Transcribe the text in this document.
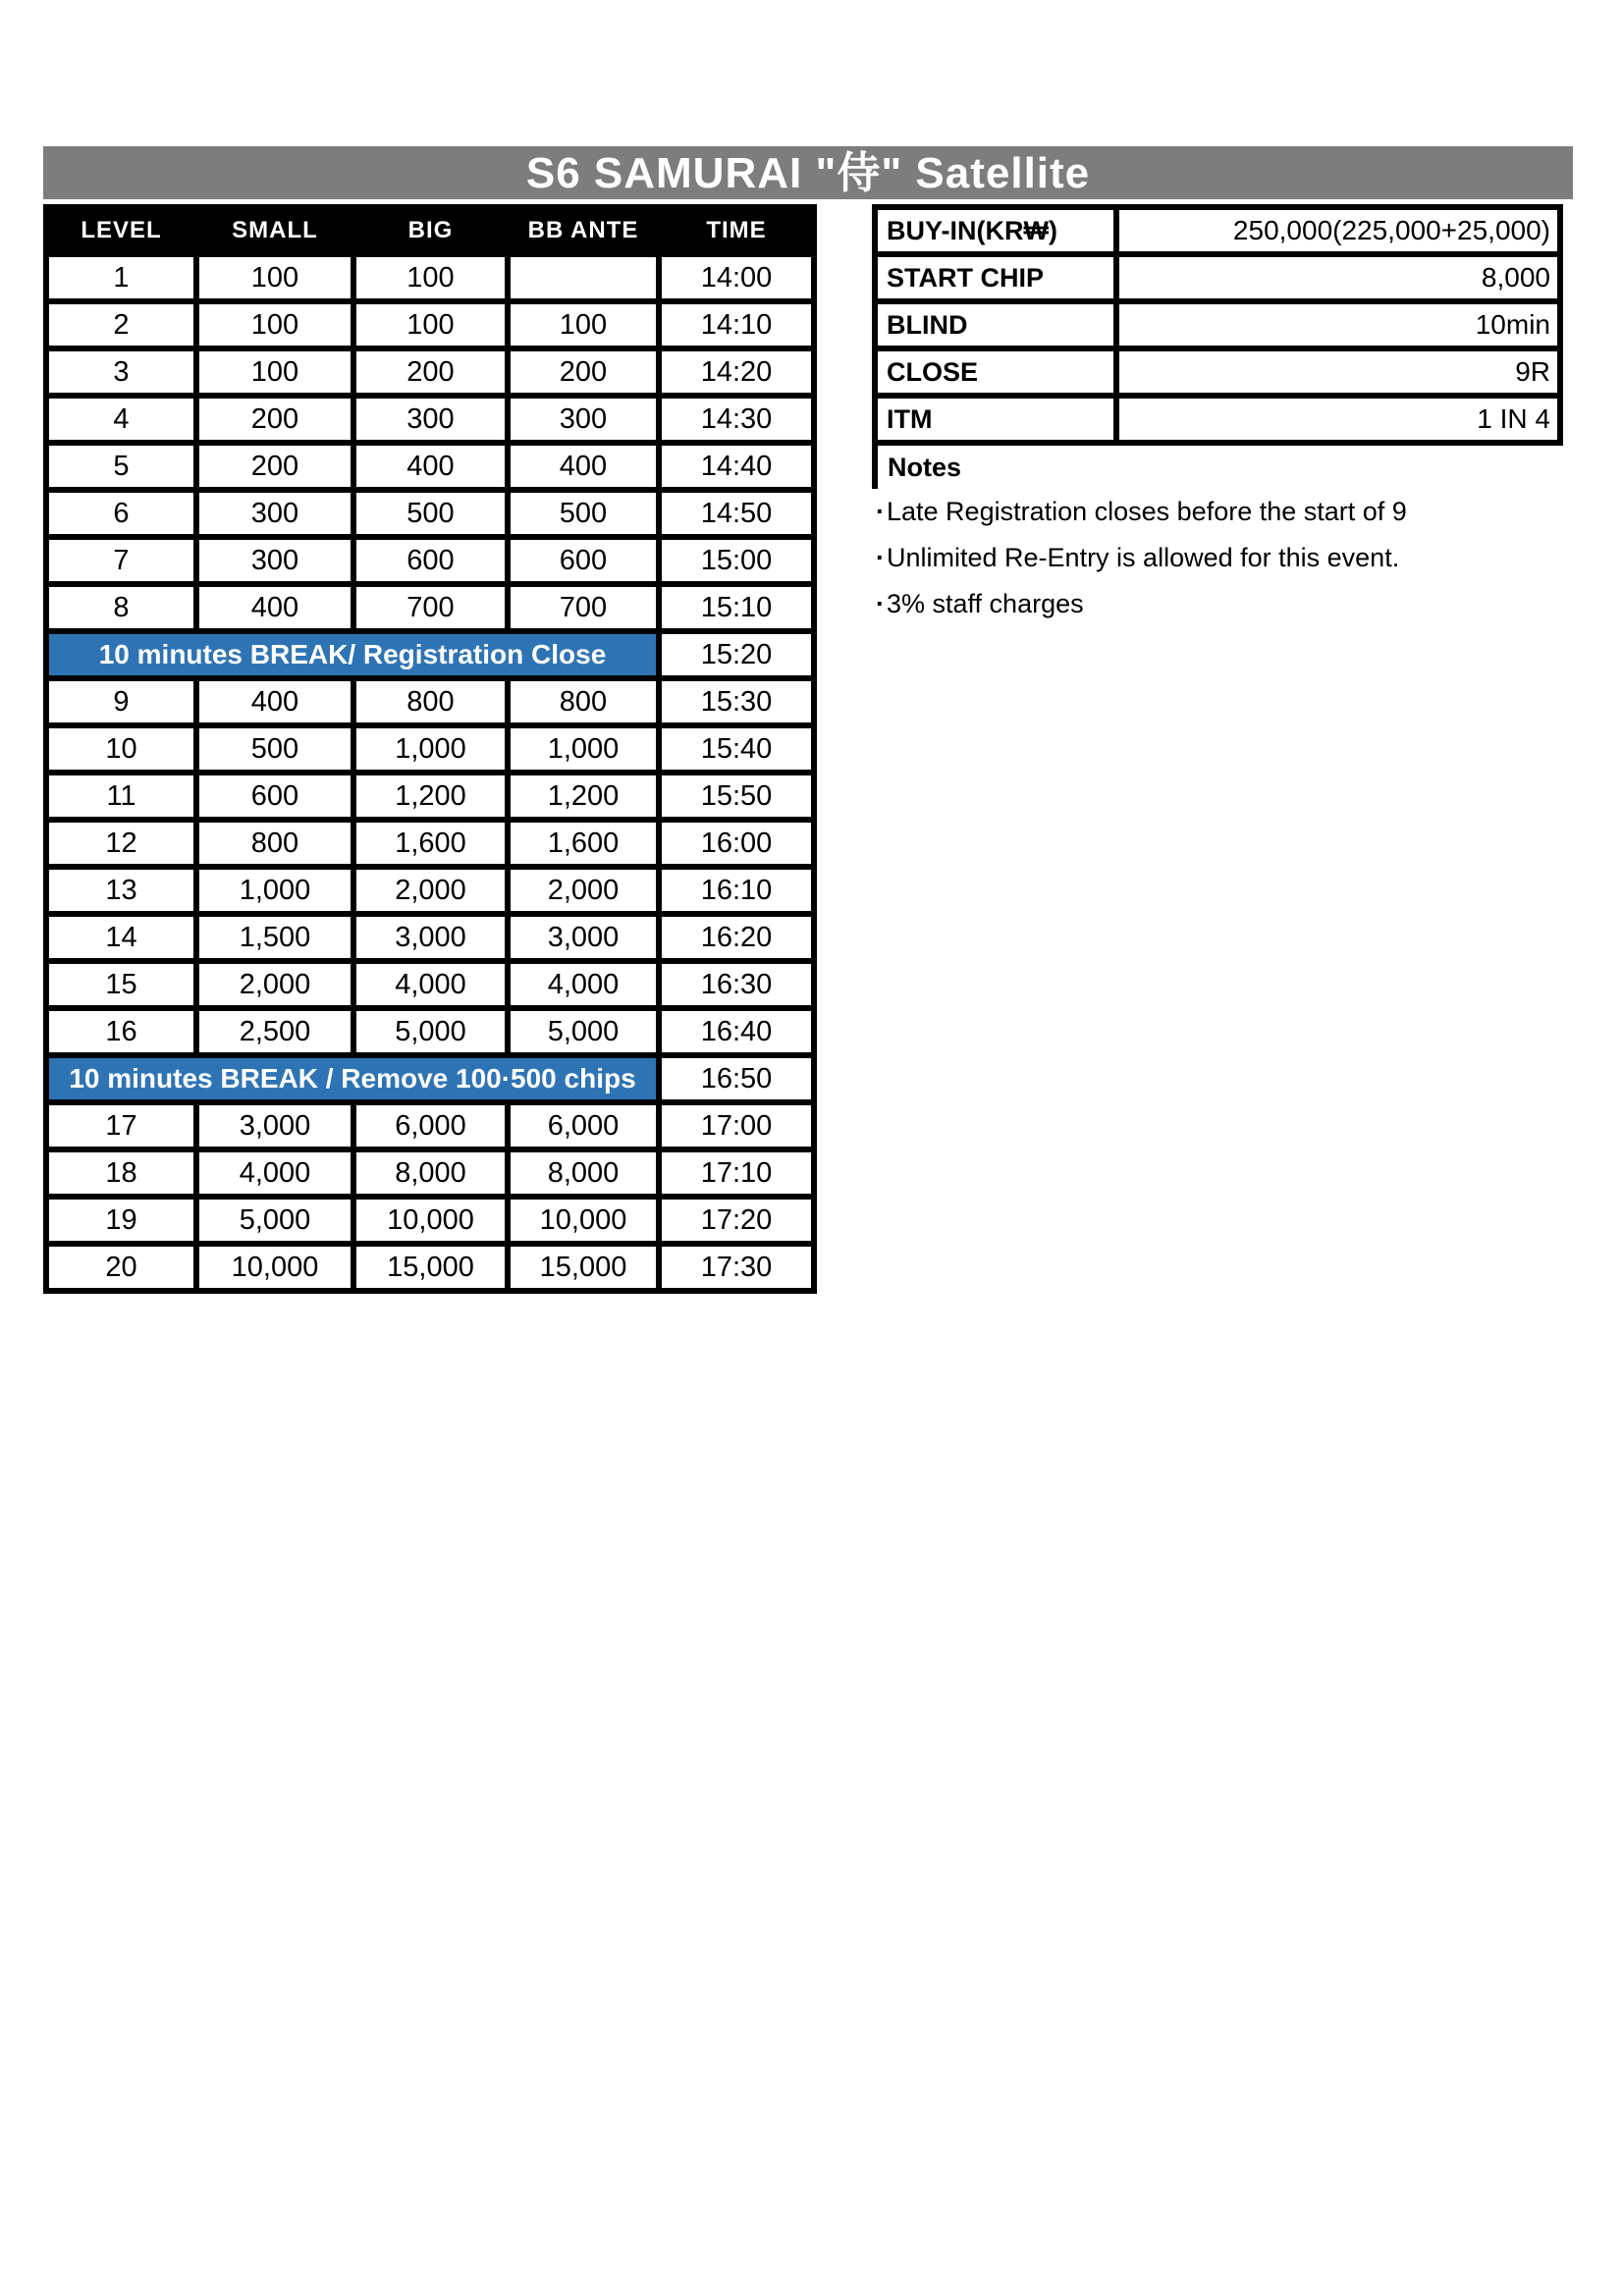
S6 SAMURAI "侍" Satellite
LEVEL	SMALL	BIG	BB ANTE	TIME
1	100	100		14:00
2	100	100	100	14:10
3	100	200	200	14:20
4	200	300	300	14:30
5	200	400	400	14:40
6	300	500	500	14:50
7	300	600	600	15:00
8	400	700	700	15:10
10 minutes BREAK/ Registration Close				15:20
9	400	800	800	15:30
10	500	1,000	1,000	15:40
11	600	1,200	1,200	15:50
12	800	1,600	1,600	16:00
13	1,000	2,000	2,000	16:10
14	1,500	3,000	3,000	16:20
15	2,000	4,000	4,000	16:30
16	2,500	5,000	5,000	16:40
10 minutes BREAK / Remove 100·500 chips				16:50
17	3,000	6,000	6,000	17:00
18	4,000	8,000	8,000	17:10
19	5,000	10,000	10,000	17:20
20	10,000	15,000	15,000	17:30
BUY-IN(KR₩)	250,000(225,000+25,000)
START CHIP	8,000
BLIND	10min
CLOSE	9R
ITM	1 IN 4
Notes
·Late Registration closes before the start of 9
·Unlimited Re-Entry is allowed for this event.
·3% staff charges
